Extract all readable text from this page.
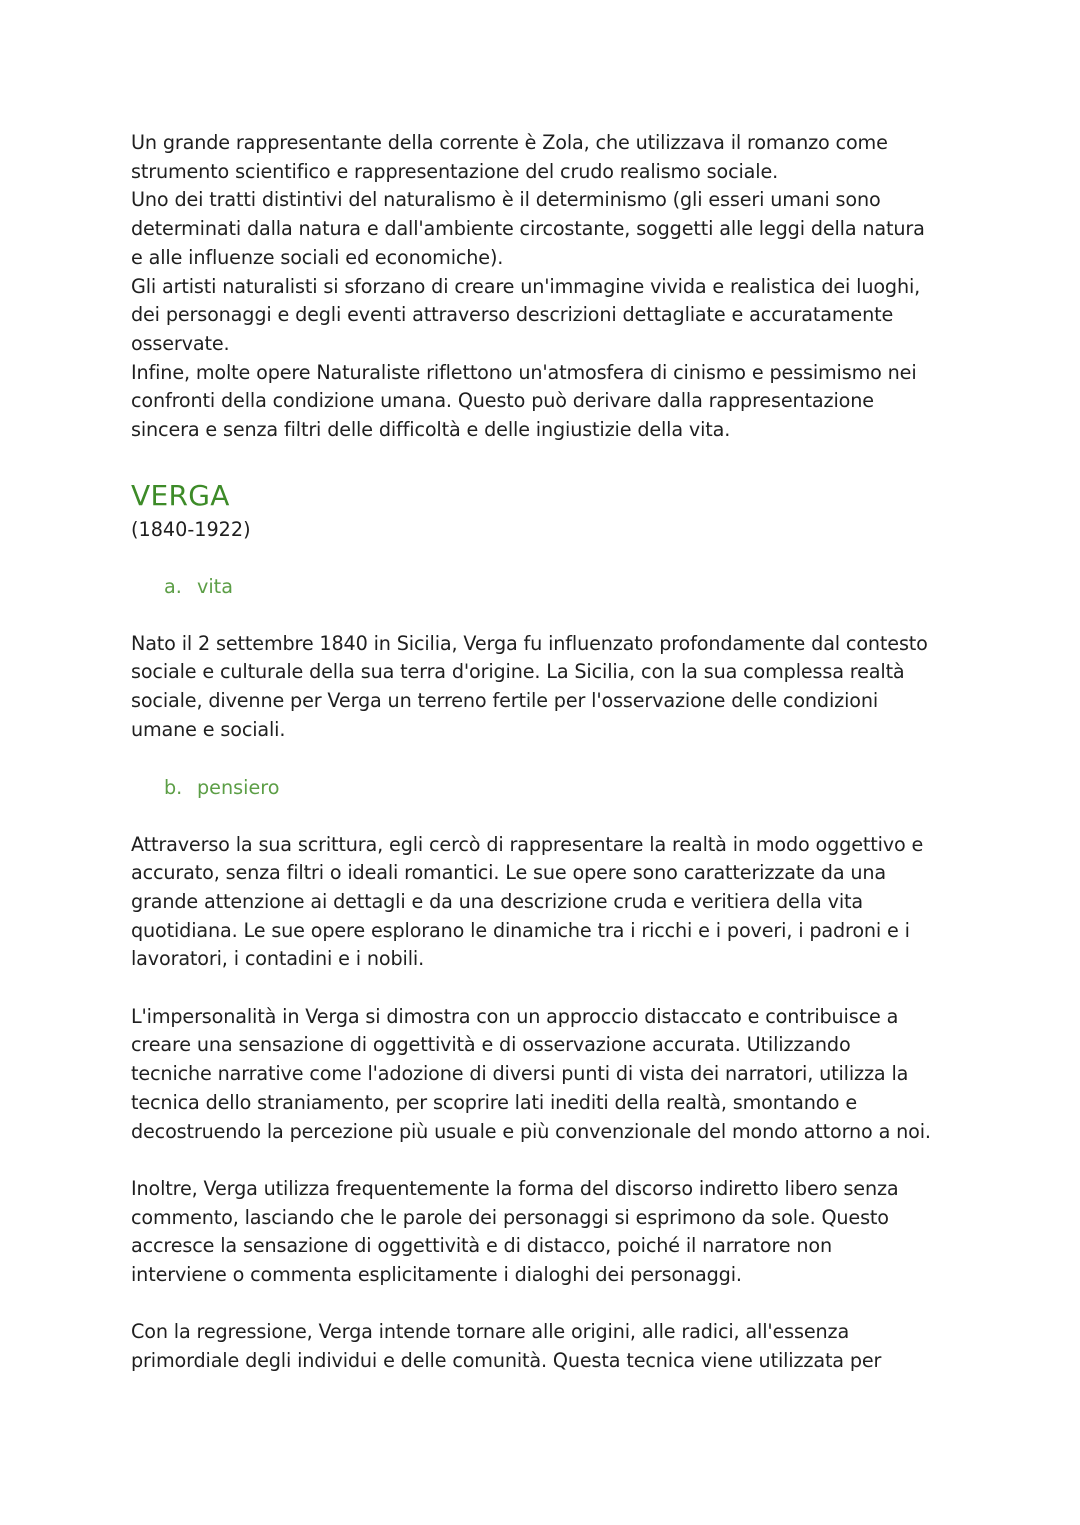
Un grande rappresentante della corrente è Zola, che utilizzava il romanzo come

strumento scientifico e rappresentazione del crudo realismo sociale.

Uno dei tratti distintivi del naturalismo è il determinismo (gli esseri umani sono

determinati dalla natura e dall'ambiente circostante, soggetti alle leggi della natura

e alle influenze sociali ed economiche).

Gli artisti naturalisti si sforzano di creare un'immagine vivida e realistica dei luoghi,

dei personaggi e degli eventi attraverso descrizioni dettagliate e accuratamente

osservate.

Infine, molte opere Naturaliste riflettono un'atmosfera di cinismo e pessimismo nei

confronti della condizione umana. Questo può derivare dalla rappresentazione

sincera e senza filtri delle difficoltà e delle ingiustizie della vita.

VERGA
(1840-1922)
a. vita

Nato il 2 settembre 1840 in Sicilia, Verga fu influenzato profondamente dal contesto

sociale e culturale della sua terra d'origine. La Sicilia, con la sua complessa realtà

sociale, divenne per Verga un terreno fertile per l'osservazione delle condizioni

umane e sociali.

b. pensiero

Attraverso la sua scrittura, egli cercò di rappresentare la realtà in modo oggettivo e

accurato, senza filtri o ideali romantici. Le sue opere sono caratterizzate da una

grande attenzione ai dettagli e da una descrizione cruda e veritiera della vita

quotidiana. Le sue opere esplorano le dinamiche tra i ricchi e i poveri, i padroni e i

lavoratori, i contadini e i nobili.

L'impersonalità in Verga si dimostra con un approccio distaccato e contribuisce a

creare una sensazione di oggettività e di osservazione accurata. Utilizzando

tecniche narrative come l'adozione di diversi punti di vista dei narratori, utilizza la

tecnica dello straniamento, per scoprire lati inediti della realtà, smontando e

decostruendo la percezione più usuale e più convenzionale del mondo attorno a noi.

Inoltre, Verga utilizza frequentemente la forma del discorso indiretto libero senza

commento, lasciando che le parole dei personaggi si esprimono da sole. Questo

accresce la sensazione di oggettività e di distacco, poiché il narratore non

interviene o commenta esplicitamente i dialoghi dei personaggi.

Con la regressione, Verga intende tornare alle origini, alle radici, all'essenza

primordiale degli individui e delle comunità. Questa tecnica viene utilizzata per
